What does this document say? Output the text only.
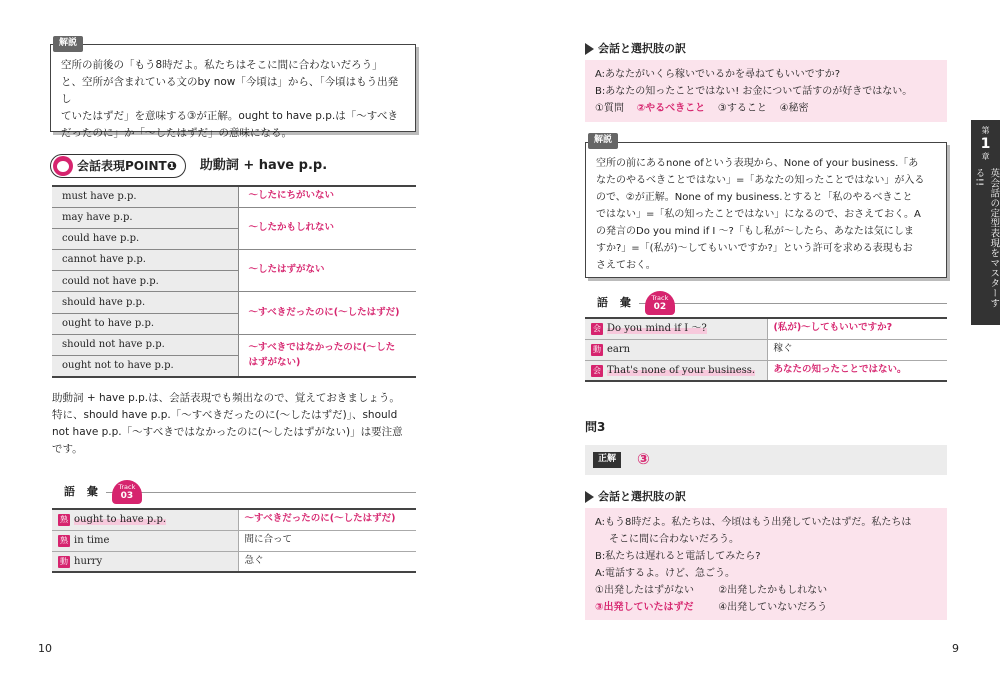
解説
空所の前後の「もう8時だよ。私たちはそこに間に合わないだろう」
と、空所が含まれている文のby now「今頃は」から、「今頃はもう出発し
ていたはずだ」を意味する③が正解。ought to have p.p.は「〜すべき
だったのに」か「〜したはずだ」の意味になる。
会話表現POINT❶ 助動詞 + have p.p.
must have p.p.	〜したにちがいない
may have p.p.	〜したかもしれない
could have p.p.	
cannot have p.p.	〜したはずがない
could not have p.p.	
should have p.p.	〜すべきだったのに(〜したはずだ)
ought to have p.p.	
should not have p.p.	〜すべきではなかったのに(〜した
はずがない)

ought not to have p.p.	
助動詞 + have p.p.は、会話表現でも頻出なので、覚えておきましょう。
特に、should have p.p.「〜すべきだったのに(〜したはずだ)」、should
not have p.p.「〜すべきではなかったのに(〜したはずがない)」は要注意
です。
語 彙	Track
03
熟 ought to have p.p.	〜すべきだったのに(〜したはずだ)
熟 in time	間に合って
動 hurry	急ぐ
10
会話と選択肢の訳
A:あなたがいくら稼いでいるかを尋ねてもいいですか?
B:あなたの知ったことではない! お金について話すのが好きではない。
①質問 ②やるべきこと ③すること ④秘密
解説
空所の前にあるnone ofという表現から、None of your business.「あ
なたのやるべきことではない」=「あなたの知ったことではない」が入る
ので、②が正解。None of my business.とすると「私のやるべきこと
ではない」=「私の知ったことではない」になるので、おさえておく。A
の発言のDo you mind if I 〜?「もし私が〜したら、あなたは気にしま
すか?」=「(私が)〜してもいいですか?」という許可を求める表現もお
さえておく。
語 彙	Track
02
会 Do you mind if I 〜?	(私が)〜してもいいですか?
動 earn	稼ぐ
会 That's none of your business.	あなたの知ったことではない。
問3
正解	③
会話と選択肢の訳
A:もう8時だよ。私たちは、今頃はもう出発していたはずだ。私たちは
そこに間に合わないだろう。
B:私たちは遅れると電話してみたら?
A:電話するよ。けど、急ごう。
①出発したはずがない ②出発したかもしれない
③出発していたはずだ ④出発していないだろう
第
1
章
英会話の定型表現をマスターする!!
9
